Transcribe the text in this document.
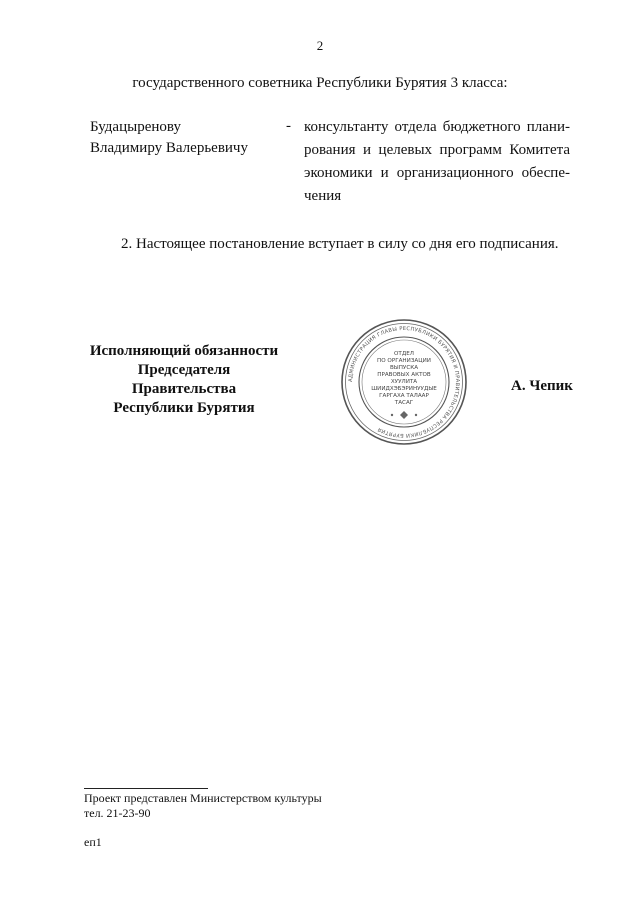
2
государственного советника Республики Бурятия 3 класса:
Будацыренову
Владимиру Валерьевичу
- консультанту отдела бюджетного плани-
рования и целевых программ Комитета
экономики и организационного обеспе-
чения
2. Настоящее постановление вступает в силу со дня его подписания.
Исполняющий обязанности
Председателя Правительства
Республики Бурятия
АДМИНИСТРАЦИЯ ГЛАВЫ РЕСПУБЛИКИ БУРЯТИЯ И ПРАВИТЕЛЬСТВА РЕСПУБЛИКИ БУРЯТИЯ
ОТДЕЛ
ПО ОРГАНИЗАЦИИ
ВЫПУСКА
ПРАВОВЫХ АКТОВ
ХУУЛИТА
ШИИДХЭБЭРИНУУДЫЕ
ГАРГАХА ТАЛААР
ТАСАГ
А. Чепик
Проект представлен Министерством культуры
тел. 21-23-90
еп1
